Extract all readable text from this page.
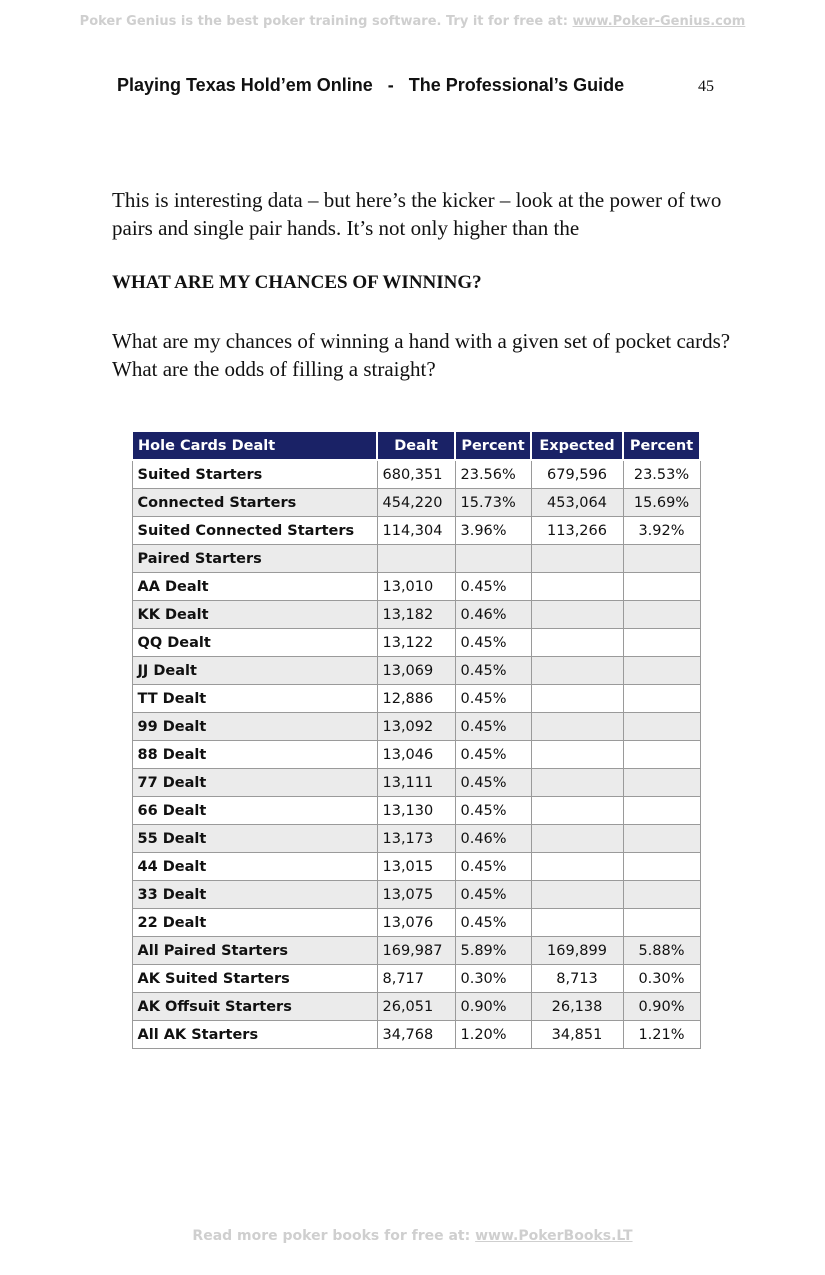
Poker Genius is the best poker training software. Try it for free at: www.Poker-Genius.com
Playing Texas Hold’em Online   -   The Professional’s Guide	45
This is interesting data – but here’s the kicker – look at the power of two pairs and single pair hands. It’s not only higher than the
WHAT ARE MY CHANCES OF WINNING?
What are my chances of winning a hand with a given set of pocket cards? What are the odds of filling a straight?
Hole Cards Dealt	Dealt	Percent	Expected	Percent
Suited Starters	680,351	23.56%	679,596	23.53%
Connected Starters	454,220	15.73%	453,064	15.69%
Suited Connected Starters	114,304	3.96%	113,266	3.92%
Paired Starters				
AA Dealt	13,010	0.45%		
KK Dealt	13,182	0.46%		
QQ Dealt	13,122	0.45%		
JJ Dealt	13,069	0.45%		
TT Dealt	12,886	0.45%		
99 Dealt	13,092	0.45%		
88 Dealt	13,046	0.45%		
77 Dealt	13,111	0.45%		
66 Dealt	13,130	0.45%		
55 Dealt	13,173	0.46%		
44 Dealt	13,015	0.45%		
33 Dealt	13,075	0.45%		
22 Dealt	13,076	0.45%		
All Paired Starters	169,987	5.89%	169,899	5.88%
AK Suited Starters	8,717	0.30%	8,713	0.30%
AK Offsuit Starters	26,051	0.90%	26,138	0.90%
All AK Starters	34,768	1.20%	34,851	1.21%
Read more poker books for free at: www.PokerBooks.LT
